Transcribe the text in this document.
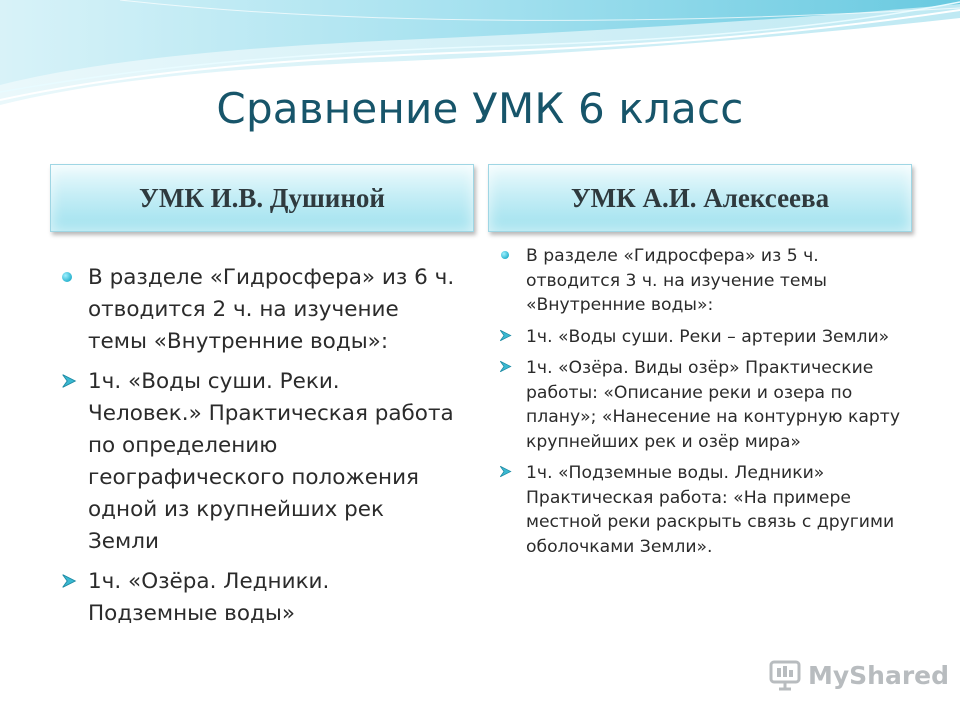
Сравнение УМК 6 класс
УМК И.В. Душиной	УМК А.И. Алексеева
В разделе «Гидросфера» из 6 ч. отводится 2 ч. на изучение темы «Внутренние воды»:
1ч. «Воды суши. Реки. Человек.» Практическая работа по определению географического положения одной из крупнейших рек Земли
1ч. «Озёра. Ледники. Подземные воды»
В разделе «Гидросфера» из 5 ч. отводится 3 ч. на изучение темы «Внутренние воды»:
1ч. «Воды суши. Реки – артерии Земли»
1ч. «Озёра. Виды озёр» Практические работы: «Описание реки и озера по плану»; «Нанесение на контурную карту крупнейших рек и озёр мира»
1ч. «Подземные воды. Ледники» Практическая работа: «На примере местной реки раскрыть связь с другими оболочками Земли».
MyShared
